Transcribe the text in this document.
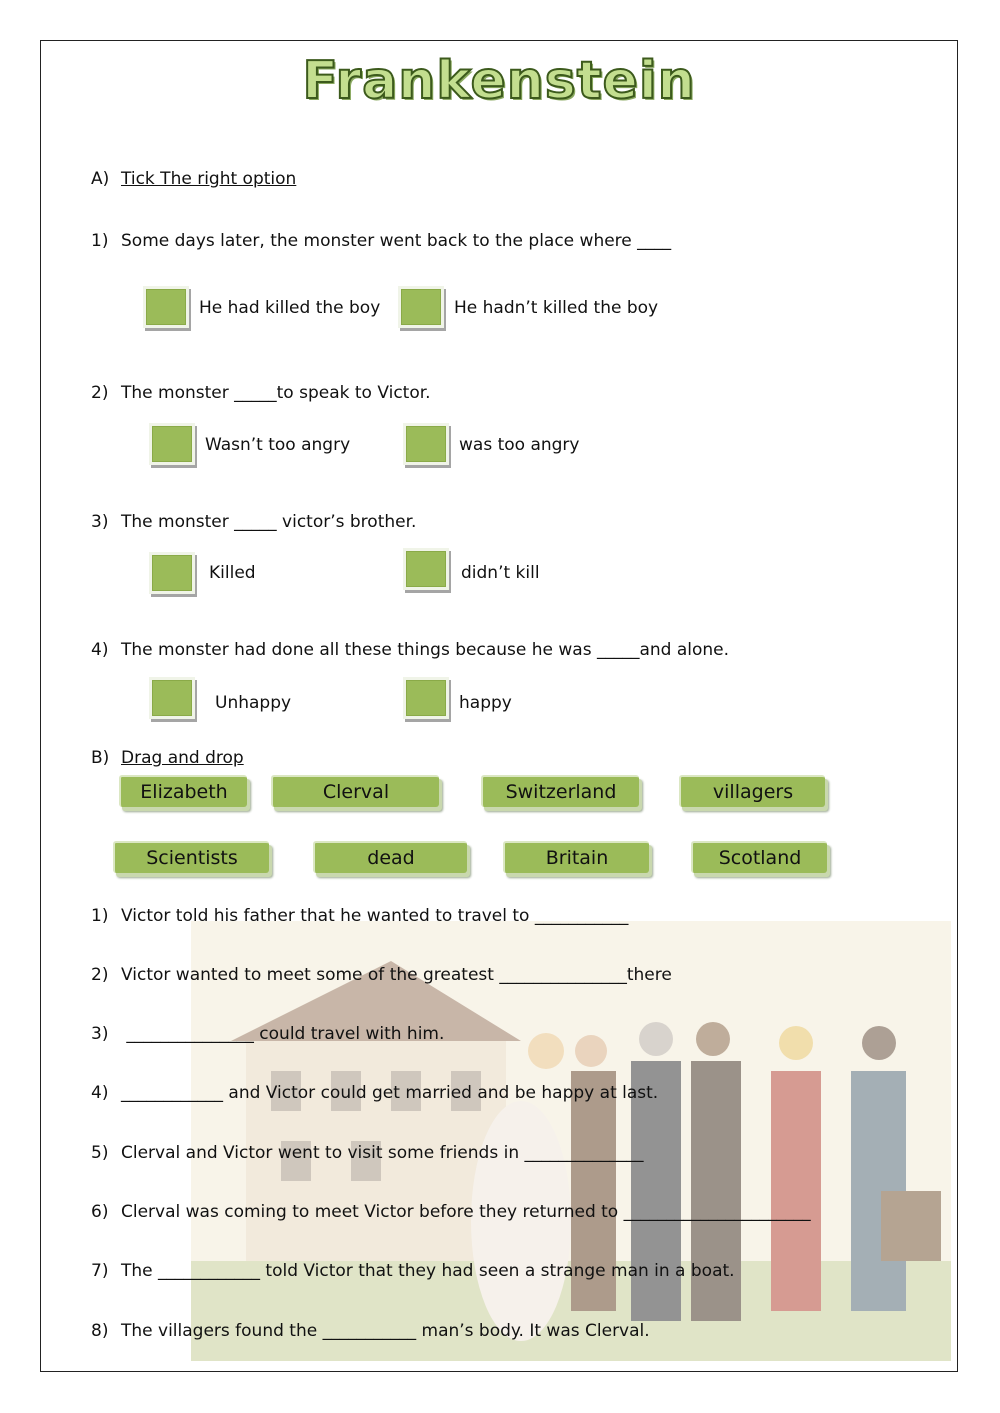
Frankenstein
A) Tick The right option
1) Some days later, the monster went back to the place where ____
He had killed the boy	He hadn’t killed the boy
2) The monster _____to speak to Victor.
Wasn’t too angry	was too angry
3) The monster _____ victor’s brother.
Killed	didn’t kill
4) The monster had done all these things because he was _____and alone.
Unhappy	happy
B) Drag and drop
Elizabeth	Clerval	Switzerland	villagers
Scientists	dead	Britain	Scotland
1) Victor told his father that he wanted to travel to ___________
2) Victor wanted to meet some of the greatest _______________there
3) _______________ could travel with him.
4) ____________ and Victor could get married and be happy at last.
5) Clerval and Victor went to visit some friends in ______________
6) Clerval was coming to meet Victor before they returned to ______________________
7) The ____________ told Victor that they had seen a strange man in a boat.
8) The villagers found the ___________ man’s body. It was Clerval.
